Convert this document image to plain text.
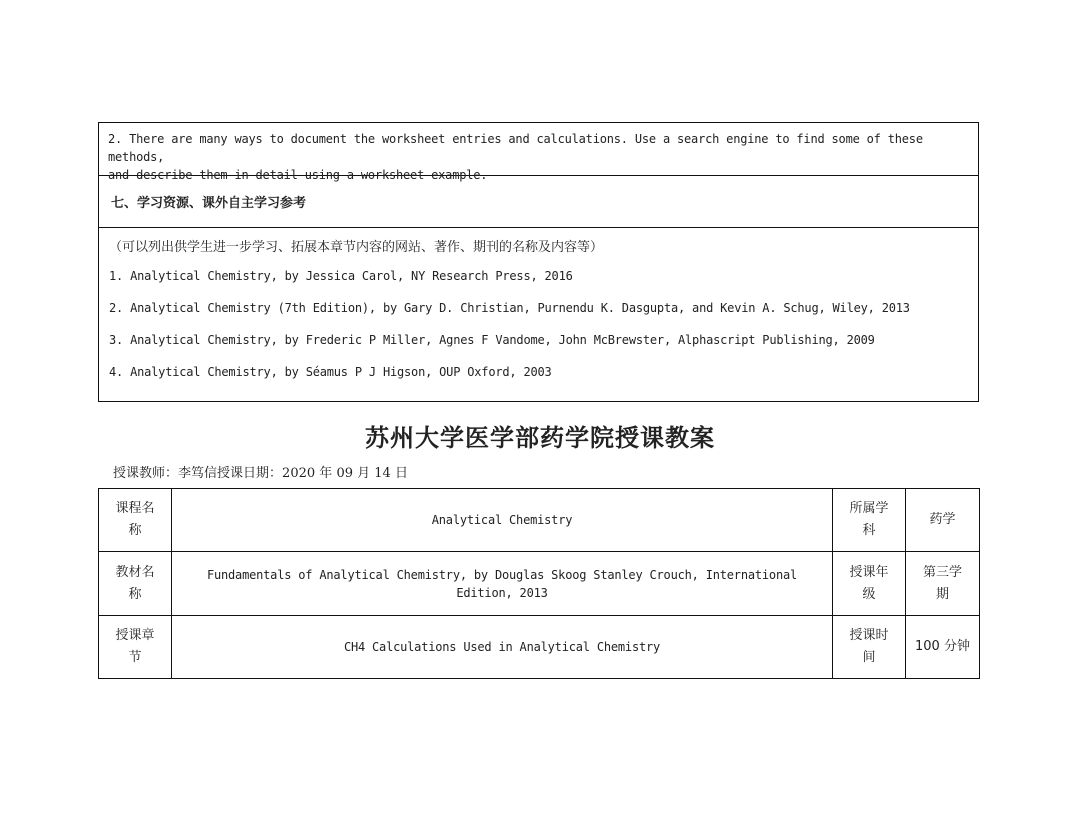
2. There are many ways to document the worksheet entries and calculations. Use a search engine to find some of these methods,
and describe them in detail using a worksheet example.
七、学习资源、课外自主学习参考
（可以列出供学生进一步学习、拓展本章节内容的网站、著作、期刊的名称及内容等）
1. Analytical Chemistry, by Jessica Carol, NY Research Press, 2016
2. Analytical Chemistry (7th Edition), by Gary D. Christian, Purnendu K. Dasgupta, and Kevin A. Schug, Wiley, 2013
3. Analytical Chemistry, by Frederic P Miller, Agnes F Vandome, John McBrewster, Alphascript Publishing, 2009
4. Analytical Chemistry, by Séamus P J Higson, OUP Oxford, 2003
苏州大学医学部药学院授课教案
授课教师：李笃信授课日期：2020 年 09 月 14 日
课程名称	Analytical Chemistry	所属学科	药学
教材名称	Fundamentals of Analytical Chemistry, by Douglas Skoog Stanley Crouch, International Edition, 2013	授课年级	第三学期
授课章节	CH4 Calculations Used in Analytical Chemistry	授课时间	100 分钟
